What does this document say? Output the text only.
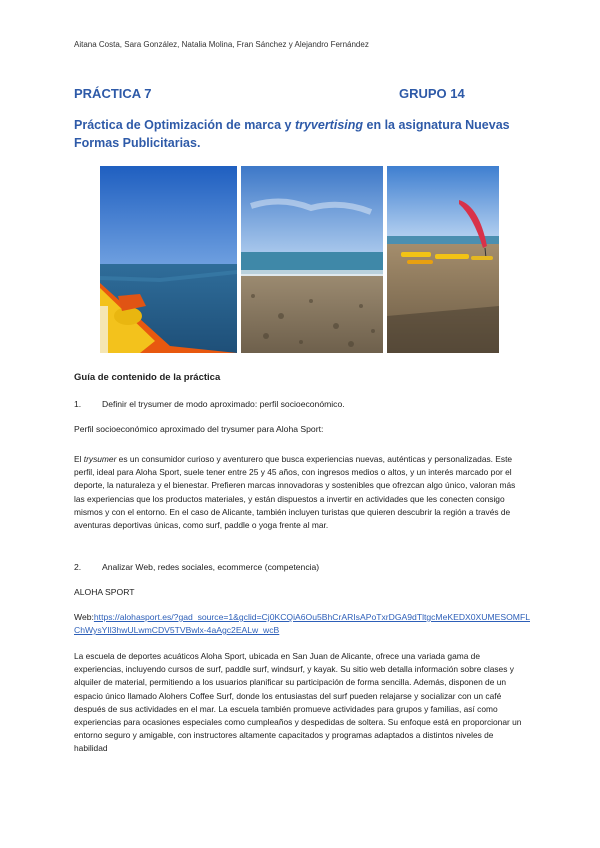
Aitana Costa, Sara González, Natalia Molina, Fran Sánchez y Alejandro Fernández
PRÁCTICA 7	GRUPO 14
Práctica de Optimización de marca y tryvertising en la asignatura Nuevas Formas Publicitarias.
Guía de contenido de la práctica
1. Definir el trysumer de modo aproximado: perfil socioeconómico.
Perfil socioeconómico aproximado del trysumer para Aloha Sport:
El trysumer es un consumidor curioso y aventurero que busca experiencias nuevas, auténticas y personalizadas. Este perfil, ideal para Aloha Sport, suele tener entre 25 y 45 años, con ingresos medios o altos, y un interés marcado por el deporte, la naturaleza y el bienestar. Prefieren marcas innovadoras y sostenibles que ofrezcan algo único, valoran más las experiencias que los productos materiales, y están dispuestos a invertir en actividades que les conecten consigo mismos y con el entorno. En el caso de Alicante, también incluyen turistas que quieren descubrir la región a través de aventuras deportivas únicas, como surf, paddle o yoga frente al mar.
2. Analizar Web, redes sociales, ecommerce (competencia)
ALOHA SPORT
Web:https://alohasport.es/?gad_source=1&gclid=Cj0KCQiA6Ou5BhCrARIsAPoTxrDGA9dTltgcMeKEDX0XUMESOMFLChWysYIl3hwULwmCDV5TVBwlx-4aAgc2EALw_wcB
La escuela de deportes acuáticos Aloha Sport, ubicada en San Juan de Alicante, ofrece una variada gama de experiencias, incluyendo cursos de surf, paddle surf, windsurf, y kayak. Su sitio web detalla información sobre clases y alquiler de material, permitiendo a los usuarios planificar su participación de forma sencilla. Además, disponen de un espacio único llamado Alohers Coffee Surf, donde los entusiastas del surf pueden relajarse y socializar con un café después de sus actividades en el mar. La escuela también promueve actividades para grupos y familias, así como experiencias para ocasiones especiales como cumpleaños y despedidas de soltera. Su enfoque está en proporcionar un entorno seguro y amigable, con instructores altamente capacitados y programas adaptados a distintos niveles de habilidad
